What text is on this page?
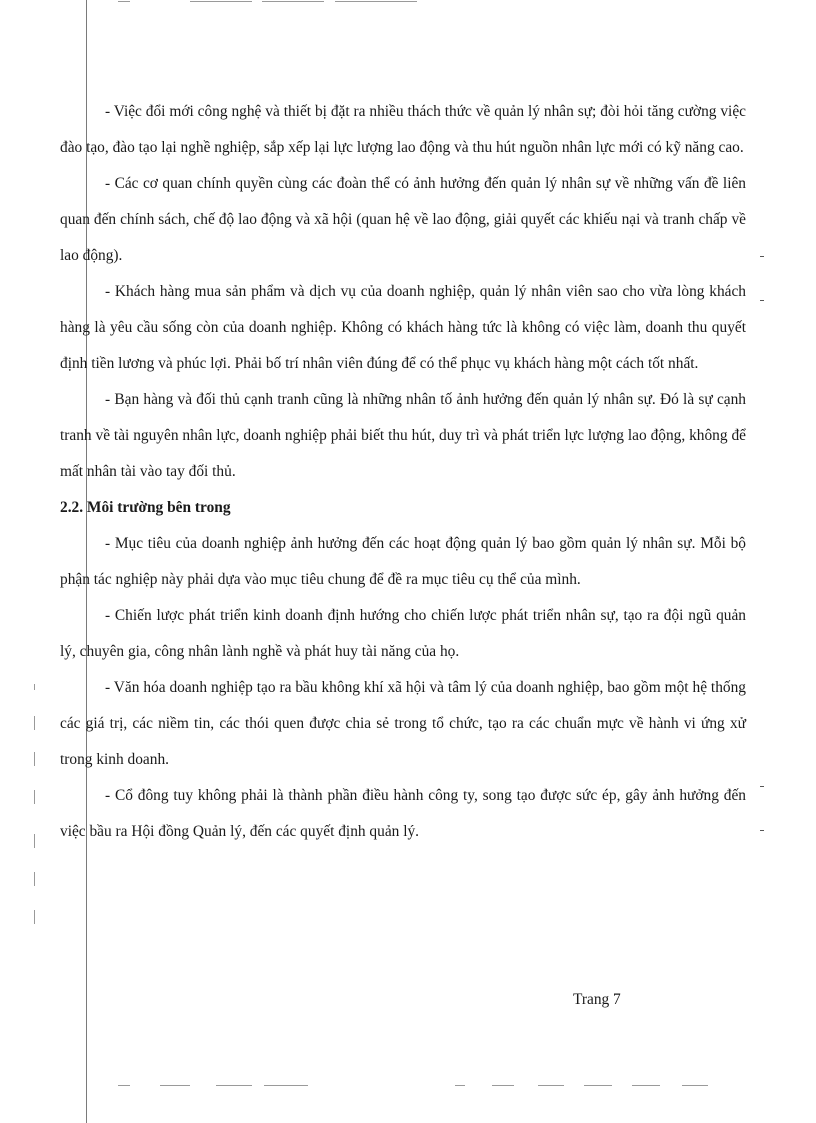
- Việc đổi mới công nghệ và thiết bị đặt ra nhiều thách thức về quản lý nhân sự; đòi hỏi tăng cường việc đào tạo, đào tạo lại nghề nghiệp, sắp xếp lại lực lượng lao động và thu hút nguồn nhân lực mới có kỹ năng cao.

- Các cơ quan chính quyền cùng các đoàn thể có ảnh hưởng đến quản lý nhân sự về những vấn đề liên quan đến chính sách, chế độ lao động và xã hội (quan hệ về lao động, giải quyết các khiếu nại và tranh chấp về lao động).

- Khách hàng mua sản phẩm và dịch vụ của doanh nghiệp, quản lý nhân viên sao cho vừa lòng khách hàng là yêu cầu sống còn của doanh nghiệp. Không có khách hàng tức là không có việc làm, doanh thu quyết định tiền lương và phúc lợi. Phải bố trí nhân viên đúng để có thể phục vụ khách hàng một cách tốt nhất.

- Bạn hàng và đối thủ cạnh tranh cũng là những nhân tố ảnh hưởng đến quản lý nhân sự. Đó là sự cạnh tranh về tài nguyên nhân lực, doanh nghiệp phải biết thu hút, duy trì và phát triển lực lượng lao động, không để mất nhân tài vào tay đối thủ.

2.2. Môi trường bên trong

- Mục tiêu của doanh nghiệp ảnh hưởng đến các hoạt động quản lý bao gồm quản lý nhân sự. Mỗi bộ phận tác nghiệp này phải dựa vào mục tiêu chung để đề ra mục tiêu cụ thể của mình.

- Chiến lược phát triển kinh doanh định hướng cho chiến lược phát triển nhân sự, tạo ra đội ngũ quản lý, chuyên gia, công nhân lành nghề và phát huy tài năng của họ.

- Văn hóa doanh nghiệp tạo ra bầu không khí xã hội và tâm lý của doanh nghiệp, bao gồm một hệ thống các giá trị, các niềm tin, các thói quen được chia sẻ trong tổ chức, tạo ra các chuẩn mực về hành vi ứng xử trong kinh doanh.

- Cổ đông tuy không phải là thành phần điều hành công ty, song tạo được sức ép, gây ảnh hưởng đến việc bầu ra Hội đồng Quản lý, đến các quyết định quản lý.

Trang 7
